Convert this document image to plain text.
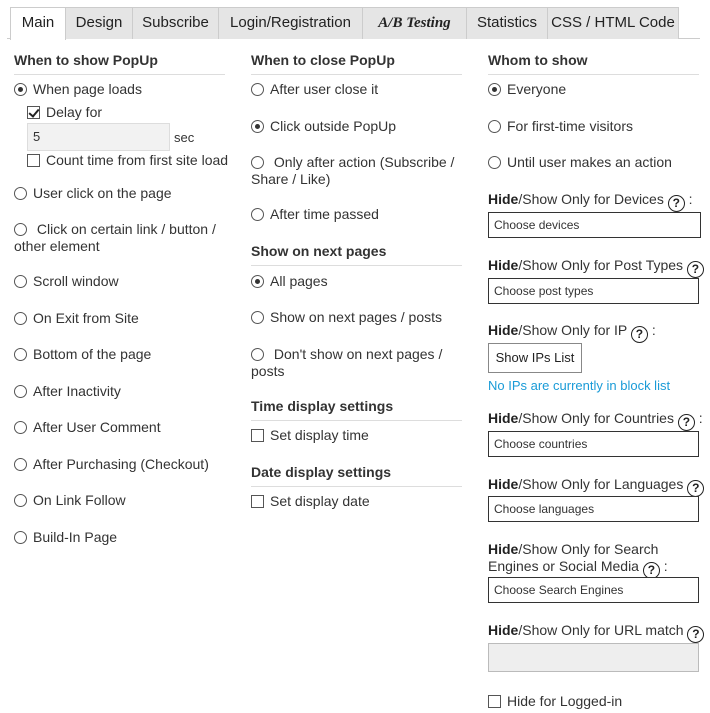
Main	Design	Subscribe	Login/Registration	A/B Testing	Statistics CSS / HTML Code
When to show PopUp
When page loads
Delay for
5	sec
Count time from first site load
User click on the page
Click on certain link / button / other element
Scroll window
On Exit from Site
Bottom of the page
After Inactivity
After User Comment
After Purchasing (Checkout)
On Link Follow
Build-In Page
When to close PopUp
After user close it
Click outside PopUp
Only after action (Subscribe / Share / Like)
After time passed
Show on next pages
All pages
Show on next pages / posts
Don't show on next pages / posts
Time display settings
Set display time
Date display settings
Set display date
Whom to show
Everyone
For first-time visitors
Until user makes an action
Hide/Show Only for Devices ? :
Choose devices
Hide/Show Only for Post Types ?
Choose post types
Hide/Show Only for IP ? :
Show IPs List
No IPs are currently in block list
Hide/Show Only for Countries ? :
Choose countries
Hide/Show Only for Languages ?
Choose languages
Hide/Show Only for Search Engines or Social Media ? :
Choose Search Engines
Hide/Show Only for URL match ?
Hide for Logged-in
